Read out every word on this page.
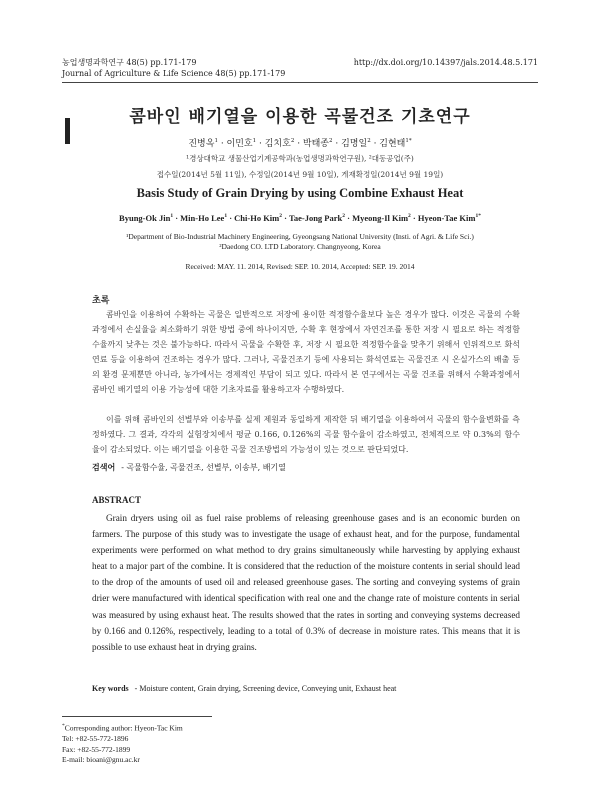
농업생명과학연구 48(5) pp.171-179	http://dx.doi.org/10.14397/jals.2014.48.5.171
Journal of Agriculture & Life Science 48(5) pp.171-179
콤바인 배기열을 이용한 곡물건조 기초연구
진병옥$^1$ · 이민호$^1$ · 김치호$^2$ · 박태종$^2$ · 김명일$^2$ · 김현태$^{1*}$
¹경상대학교 생물산업기계공학과(농업생명과학연구원), ²대동공업(주)
접수일(2014년 5월 11일), 수정일(2014년 9월 10일), 게재확정일(2014년 9월 19일)
Basis Study of Grain Drying by using Combine Exhaust Heat
Byung-Ok Jin$^1$ · Min-Ho Lee$^1$ · Chi-Ho Kim$^2$ · Tae-Jong Park$^2$ · Myeong-Il Kim$^2$ · Hyeon-Tae Kim$^{1*}$
¹Department of Bio-Industrial Machinery Engineering, Gyeongsang National University (Insti. of Agri. & Life Sci.)
²Daedong CO. LTD Laboratory. Changnyeong, Korea
Received: MAY. 11. 2014, Revised: SEP. 10. 2014, Accepted: SEP. 19. 2014
초록
콤바인을 이용하여 수확하는 곡물은 일반적으로 저장에 용이한 적정함수율보다 높은 경우가 많다. 이것은 곡물의 수확과정에서 손실율을 최소화하기 위한 방법 중에 하나이지만, 수확 후 현장에서 자연건조를 통한 저장 시 필요로 하는 적정함수율까지 낮추는 것은 불가능하다. 따라서 곡물을 수확한 후, 저장 시 필요한 적정함수율을 맞추기 위해서 인위적으로 화석연료 등을 이용하여 건조하는 경우가 많다. 그러나, 곡물건조기 등에 사용되는 화석연료는 곡물건조 시 온실가스의 배출 등의 환경 문제뿐만 아니라, 농가에서는 경제적인 부담이 되고 있다. 따라서 본 연구에서는 곡물 건조를 위해서 수확과정에서 콤바인 배기열의 이용 가능성에 대한 기초자료를 활용하고자 수행하였다.
이를 위해 콤바인의 선별부와 이송부를 실제 제원과 동일하게 제작한 뒤 배기열을 이용하여서 곡물의 함수율변화를 측정하였다. 그 결과, 각각의 실험장치에서 평균 0.166, 0.126%의 곡물 함수율이 감소하였고, 전체적으로 약 0.3%의 함수율이 감소되었다. 이는 배기열을 이용한 곡물 건조방법의 가능성이 있는 것으로 판단되었다.
검색어 - 곡물함수율, 곡물건조, 선별부, 이송부, 배기열
ABSTRACT
Grain dryers using oil as fuel raise problems of releasing greenhouse gases and is an economic burden on farmers. The purpose of this study was to investigate the usage of exhaust heat, and for the purpose, fundamental experiments were performed on what method to dry grains simultaneously while harvesting by applying exhaust heat to a major part of the combine. It is considered that the reduction of the moisture contents in serial should lead to the drop of the amounts of used oil and released greenhouse gases. The sorting and conveying systems of grain drier were manufactured with identical specification with real one and the change rate of moisture contents in serial was measured by using exhaust heat. The results showed that the rates in sorting and conveying systems decreased by 0.166 and 0.126%, respectively, leading to a total of 0.3% of decrease in moisture rates. This means that it is possible to use exhaust heat in drying grains.
Key words - Moisture content, Grain drying, Screening device, Conveying unit, Exhaust heat
*Corresponding author: Hyeon-Tac Kim
Tel: +82-55-772-1896
Fax: +82-55-772-1899
E-mail: bioani@gnu.ac.kr
